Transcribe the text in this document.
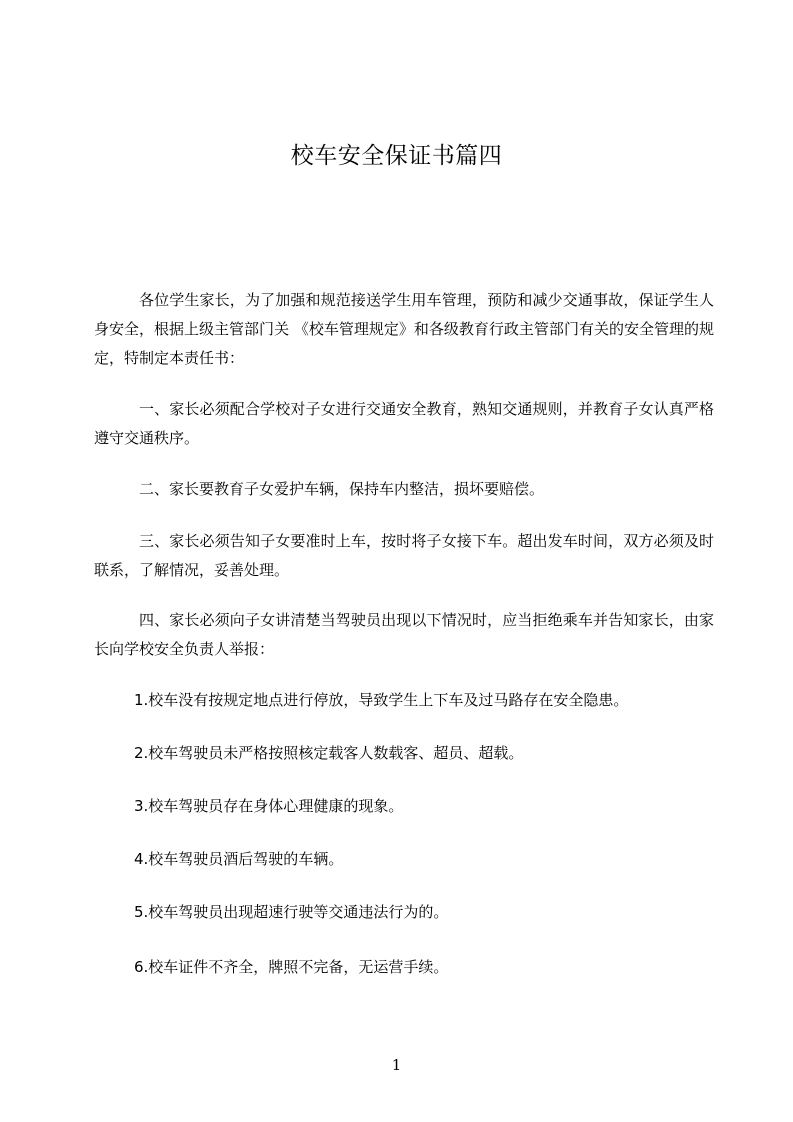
校车安全保证书篇四
各位学生家长，为了加强和规范接送学生用车管理，预防和减少交通事故，保证学生人身安全，根据上级主管部门关 《校车管理规定》和各级教育行政主管部门有关的安全管理的规定，特制定本责任书：
一、家长必须配合学校对子女进行交通安全教育，熟知交通规则，并教育子女认真严格遵守交通秩序。
二、家长要教育子女爱护车辆，保持车内整洁，损坏要赔偿。
三、家长必须告知子女要准时上车，按时将子女接下车。超出发车时间，双方必须及时联系，了解情况，妥善处理。
四、家长必须向子女讲清楚当驾驶员出现以下情况时，应当拒绝乘车并告知家长，由家长向学校安全负责人举报：
1.校车没有按规定地点进行停放，导致学生上下车及过马路存在安全隐患。
2.校车驾驶员未严格按照核定载客人数载客、超员、超载。
3.校车驾驶员存在身体心理健康的现象。
4.校车驾驶员酒后驾驶的车辆。
5.校车驾驶员出现超速行驶等交通违法行为的。
6.校车证件不齐全，牌照不完备，无运营手续。
1
